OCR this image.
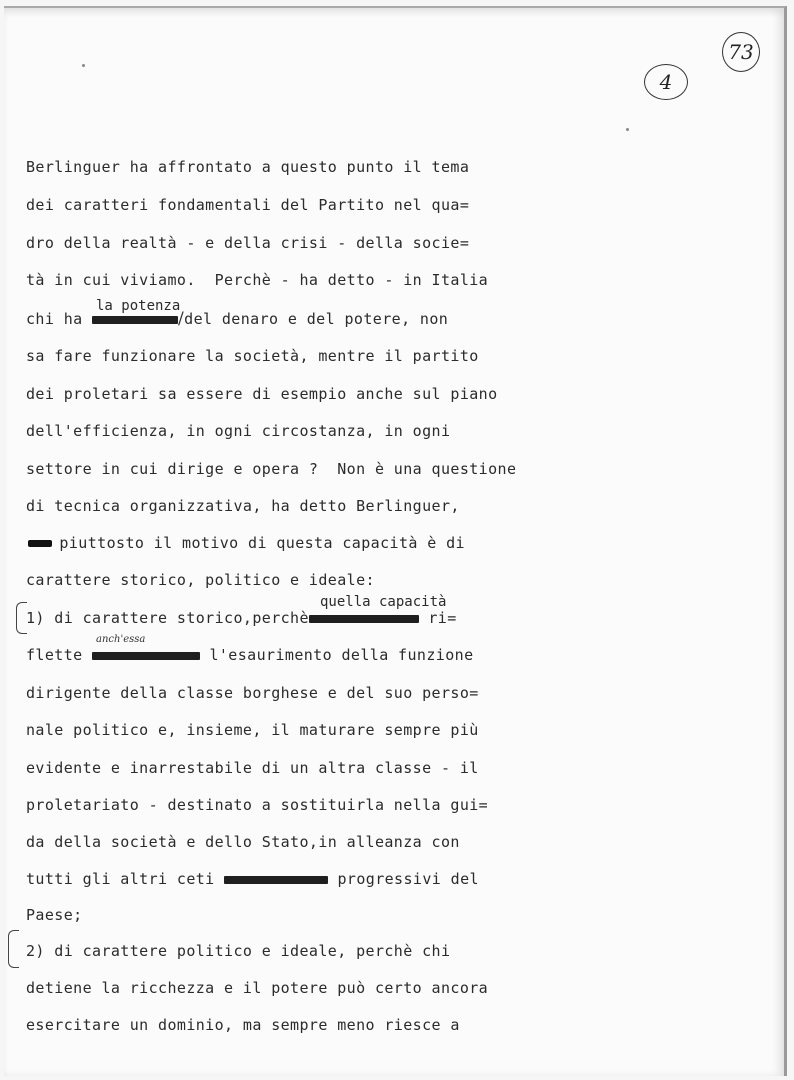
73
4
Berlinguer ha affrontato a questo punto il tema
dei caratteri fondamentali del Partito nel qua=
dro della realtà - e della crisi - della socie=
tà in cui viviamo.  Perchè - ha detto - in Italia
la potenza
chi ha	/del denaro e del potere, non
sa fare funzionare la società, mentre il partito
dei proletari sa essere di esempio anche sul piano
dell'efficienza, in ogni circostanza, in ogni
settore in cui dirige e opera ?  Non è una questione
di tecnica organizzativa, ha detto Berlinguer,
piuttosto il motivo di questa capacità è di
carattere storico, politico e ideale:
quella capacità
1) di carattere storico,perchè	ri=
anch'essa
flette	l'esaurimento della funzione
dirigente della classe borghese e del suo perso=
nale politico e, insieme, il maturare sempre più
evidente e inarrestabile di un altra classe - il
proletariato - destinato a sostituirla nella gui=
da della società e dello Stato,in alleanza con
tutti gli altri ceti	progressivi del
Paese;
2) di carattere politico e ideale, perchè chi
detiene la ricchezza e il potere può certo ancora
esercitare un dominio, ma sempre meno riesce a
